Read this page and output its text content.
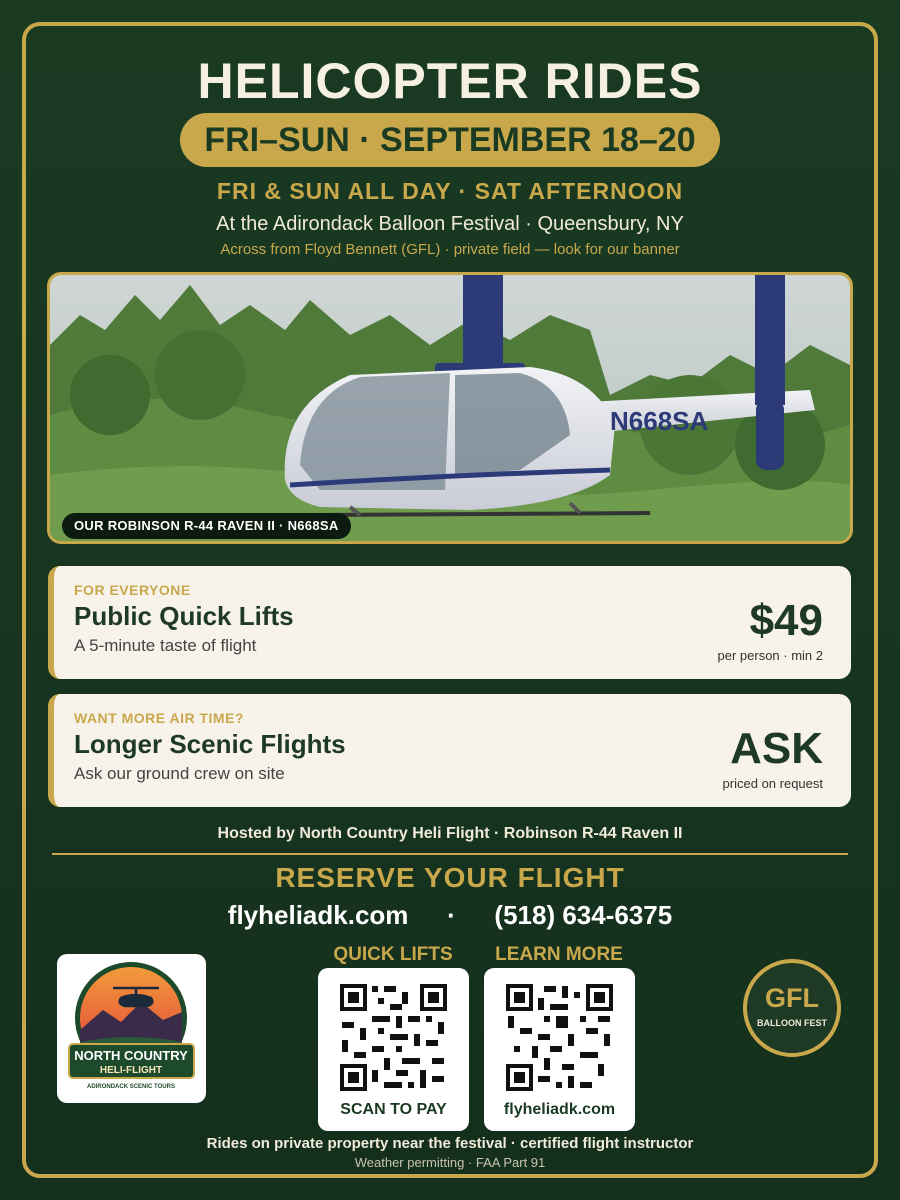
HELICOPTER RIDES
FRI–SUN · SEPTEMBER 18–20
FRI & SUN ALL DAY · SAT AFTERNOON
At the Adirondack Balloon Festival · Queensbury, NY
Across from Floyd Bennett (GFL) · private field — look for our banner
N668SA
OUR ROBINSON R-44 RAVEN II · N668SA
FOR EVERYONE
Public Quick Lifts
A 5-minute taste of flight
$49
per person · min 2
WANT MORE AIR TIME?
Longer Scenic Flights
Ask our ground crew on site
ASK
priced on request
Hosted by North Country Heli Flight · Robinson R-44 Raven II
RESERVE YOUR FLIGHT
flyheliadk.com · (518) 634-6375
NORTH COUNTRY
HELI-FLIGHT
ADIRONDACK SCENIC TOURS
QUICK LIFTS
SCAN TO PAY
LEARN MORE
flyheliadk.com
GFL
BALLOON FEST
Rides on private property near the festival · certified flight instructor
Weather permitting · FAA Part 91
